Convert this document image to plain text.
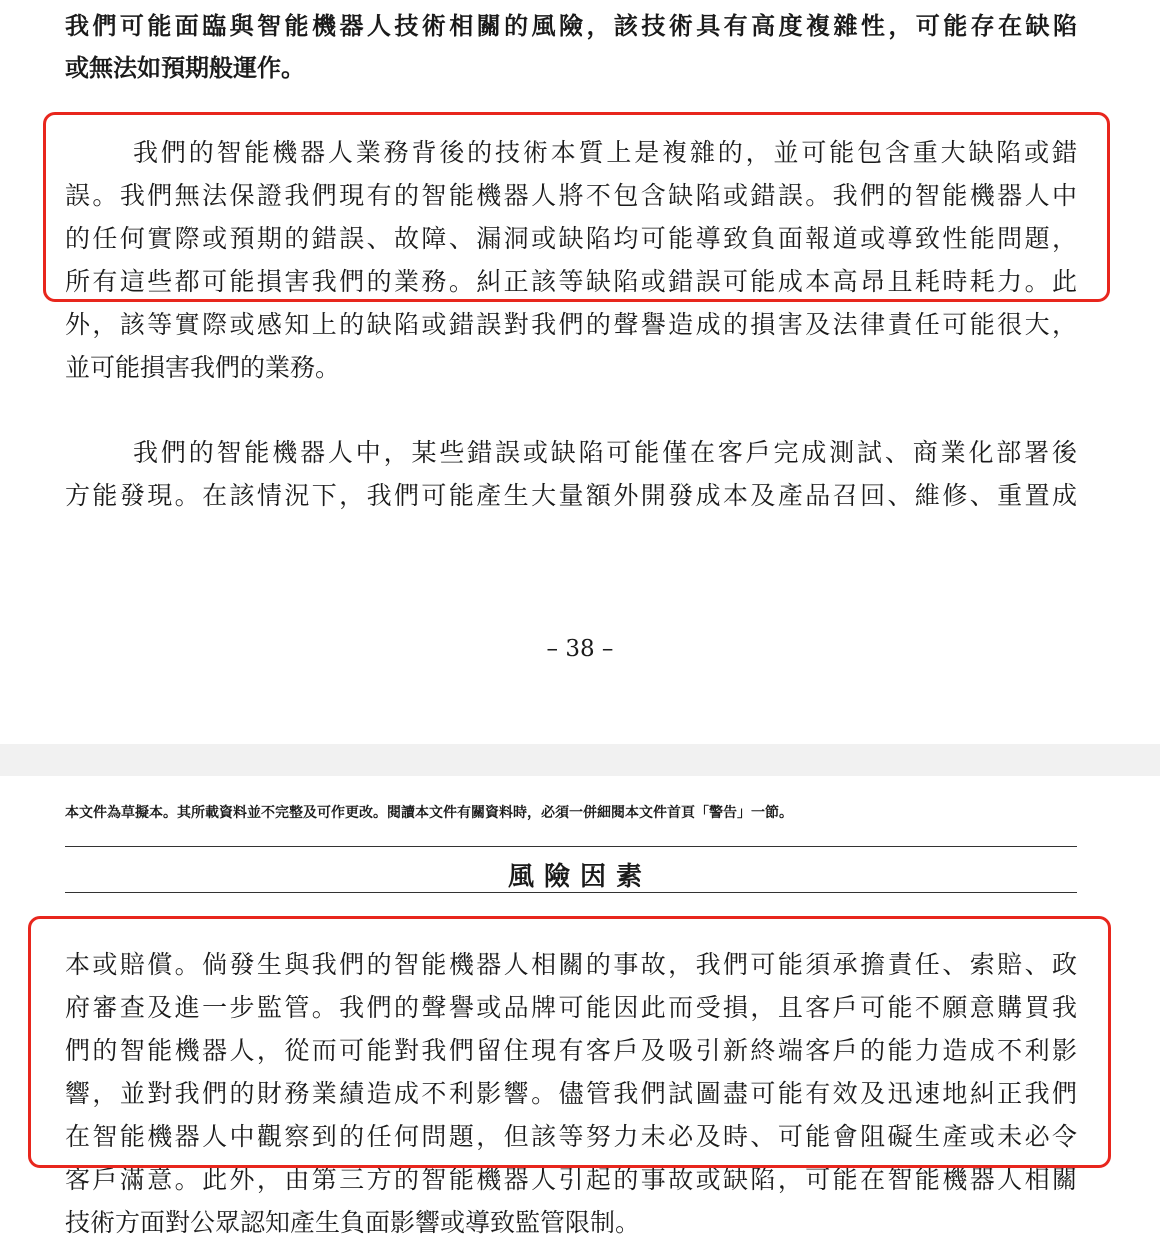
我們可能面臨與智能機器人技術相關的風險，該技術具有高度複雜性，可能存在缺陷
或無法如預期般運作。
我們的智能機器人業務背後的技術本質上是複雜的，並可能包含重大缺陷或錯
誤。我們無法保證我們現有的智能機器人將不包含缺陷或錯誤。我們的智能機器人中
的任何實際或預期的錯誤、故障、漏洞或缺陷均可能導致負面報道或導致性能問題，
所有這些都可能損害我們的業務。糾正該等缺陷或錯誤可能成本高昂且耗時耗力。此
外，該等實際或感知上的缺陷或錯誤對我們的聲譽造成的損害及法律責任可能很大，
並可能損害我們的業務。
我們的智能機器人中，某些錯誤或缺陷可能僅在客戶完成測試、商業化部署後
方能發現。在該情況下，我們可能產生大量額外開發成本及產品召回、維修、重置成
– 38 –
本文件為草擬本。其所載資料並不完整及可作更改。閱讀本文件有關資料時，必須一併細閱本文件首頁「警告」一節。
風險因素
本或賠償。倘發生與我們的智能機器人相關的事故，我們可能須承擔責任、索賠、政
府審查及進一步監管。我們的聲譽或品牌可能因此而受損，且客戶可能不願意購買我
們的智能機器人，從而可能對我們留住現有客戶及吸引新終端客戶的能力造成不利影
響，並對我們的財務業績造成不利影響。儘管我們試圖盡可能有效及迅速地糾正我們
在智能機器人中觀察到的任何問題，但該等努力未必及時、可能會阻礙生產或未必令
客戶滿意。此外，由第三方的智能機器人引起的事故或缺陷，可能在智能機器人相關
技術方面對公眾認知產生負面影響或導致監管限制。
